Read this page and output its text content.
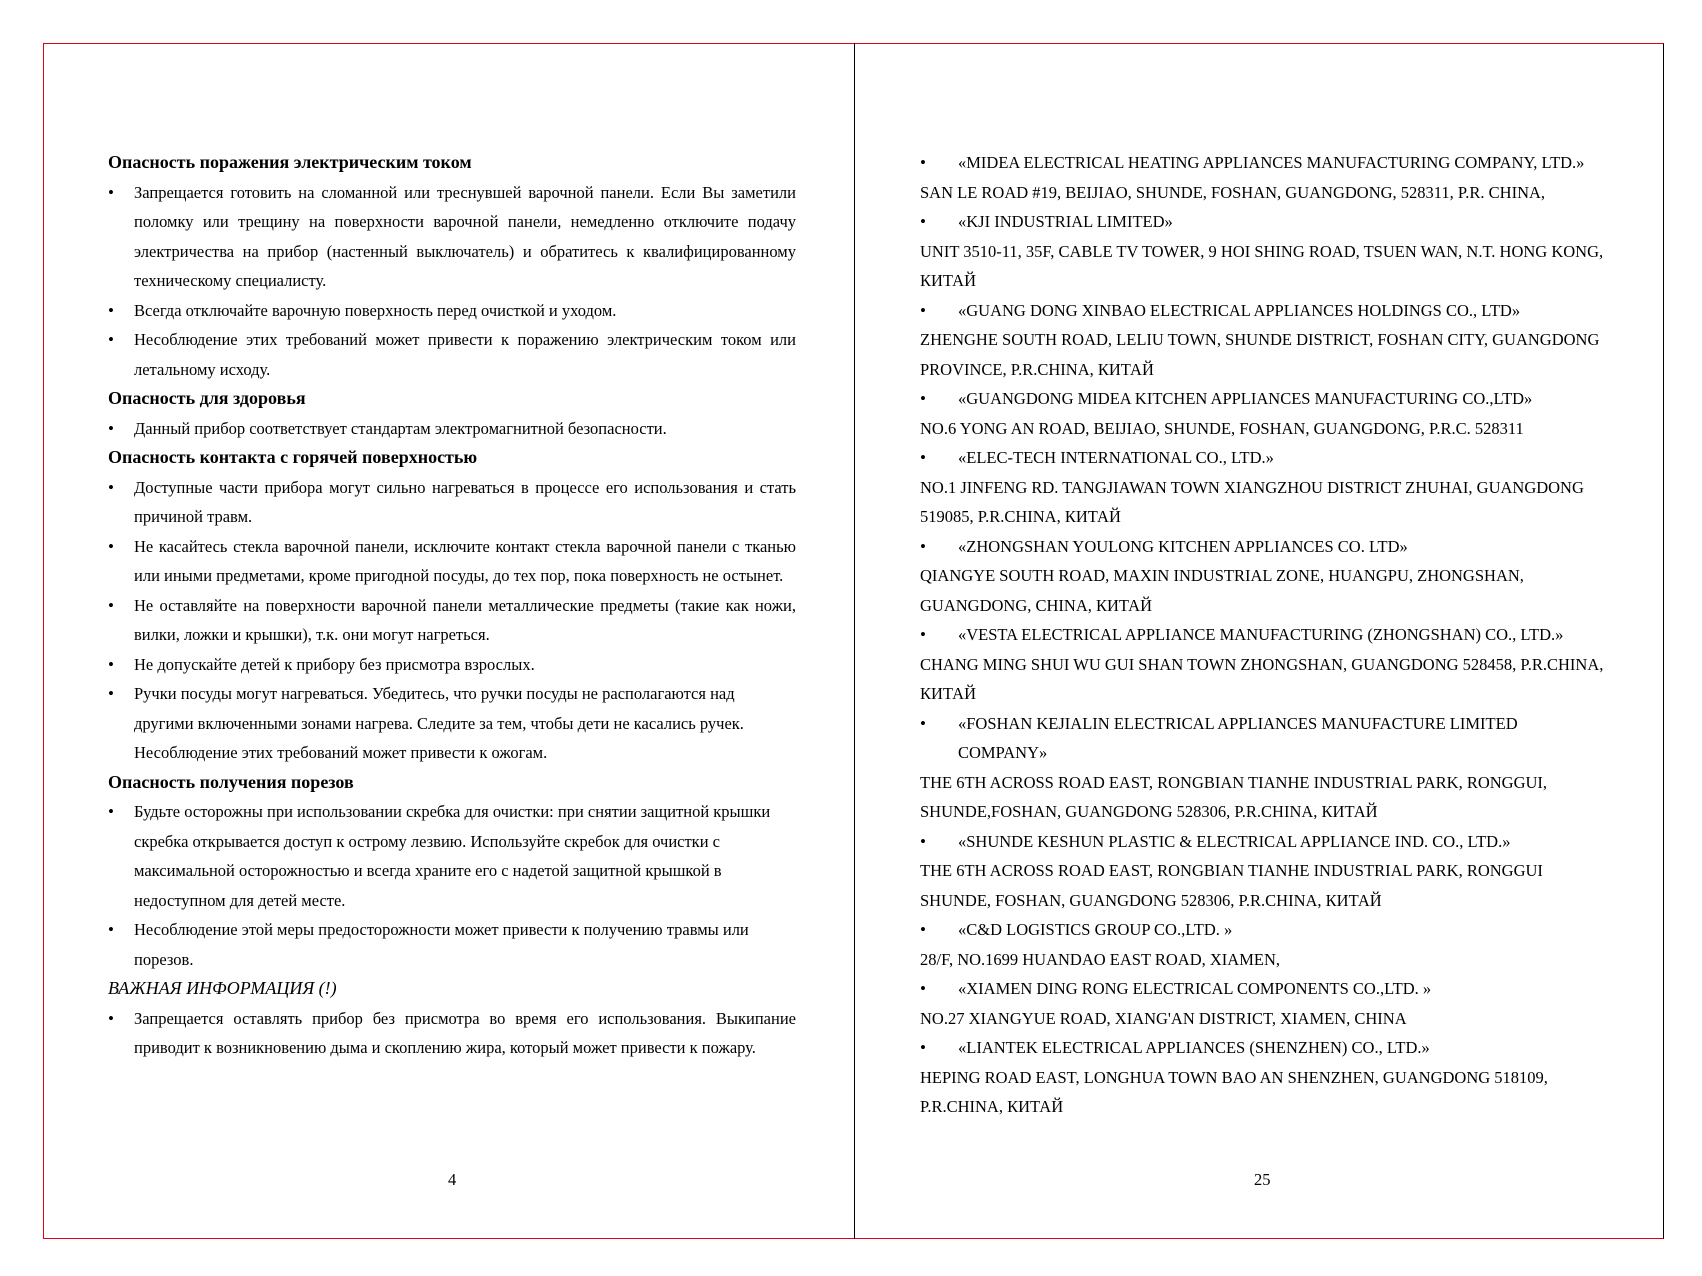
Опасность поражения электрическим током

• Запрещается готовить на сломанной или треснувшей варочной панели. Если Вы заметили поломку или трещину на поверхности варочной панели, немедленно отключите подачу электричества на прибор (настенный выключатель) и обратитесь к квалифицированному техническому специалисту.
• Всегда отключайте варочную поверхность перед очисткой и уходом.
• Несоблюдение этих требований может привести к поражению электрическим током или летальному исходу.

Опасность для здоровья

• Данный прибор соответствует стандартам электромагнитной безопасности.

Опасность контакта с горячей поверхностью

• Доступные части прибора могут сильно нагреваться в процессе его использования и стать причиной травм.
• Не касайтесь стекла варочной панели, исключите контакт стекла варочной панели с тканью или иными предметами, кроме пригодной посуды, до тех пор, пока поверхность не остынет.
• Не оставляйте на поверхности варочной панели металлические предметы (такие как ножи, вилки, ложки и крышки), т.к. они могут нагреться.
• Не допускайте детей к прибору без присмотра взрослых.
• Ручки посуды могут нагреваться. Убедитесь, что ручки посуды не располагаются над другими включенными зонами нагрева. Следите за тем, чтобы дети не касались ручек. Несоблюдение этих требований может привести к ожогам.

Опасность получения порезов

• Будьте осторожны при использовании скребка для очистки: при снятии защитной крышки скребка открывается доступ к острому лезвию. Используйте скребок для очистки с максимальной осторожностью и всегда храните его с надетой защитной крышкой в недоступном для детей месте.
• Несоблюдение этой меры предосторожности может привести к получению травмы или порезов.

ВАЖНАЯ ИНФОРМАЦИЯ (!)

• Запрещается оставлять прибор без присмотра во время его использования. Выкипание приводит к возникновению дыма и скоплению жира, который может привести к пожару.
4
• «MIDEA ELECTRICAL HEATING APPLIANCES MANUFACTURING COMPANY, LTD.»

SAN LE ROAD #19, BEIJIAO, SHUNDE, FOSHAN, GUANGDONG, 528311, P.R. CHINA,

• «KJI INDUSTRIAL LIMITED»

UNIT 3510-11, 35F, CABLE TV TOWER, 9 HOI SHING ROAD, TSUEN WAN, N.T. HONG KONG, КИТАЙ

• «GUANG DONG XINBAO ELECTRICAL APPLIANCES HOLDINGS CO., LTD»

ZHENGHE SOUTH ROAD, LELIU TOWN, SHUNDE DISTRICT, FOSHAN CITY, GUANGDONG PROVINCE, P.R.CHINA, КИТАЙ

• «GUANGDONG MIDEA KITCHEN APPLIANCES MANUFACTURING CO.,LTD»

NO.6 YONG AN ROAD, BEIJIAO, SHUNDE, FOSHAN, GUANGDONG, P.R.C. 528311

• «ELEC-TECH INTERNATIONAL CO., LTD.»

NO.1 JINFENG RD. TANGJIAWAN TOWN XIANGZHOU DISTRICT ZHUHAI, GUANGDONG 519085, P.R.CHINA, КИТАЙ

• «ZHONGSHAN YOULONG KITCHEN APPLIANCES CO. LTD»

QIANGYE SOUTH ROAD, MAXIN INDUSTRIAL ZONE, HUANGPU, ZHONGSHAN, GUANGDONG, CHINA, КИТАЙ

• «VESTA ELECTRICAL APPLIANCE MANUFACTURING (ZHONGSHAN) CO., LTD.»

CHANG MING SHUI WU GUI SHAN TOWN ZHONGSHAN, GUANGDONG 528458, P.R.CHINA, КИТАЙ

• «FOSHAN KEJIALIN ELECTRICAL APPLIANCES MANUFACTURE LIMITED COMPANY»

THE 6TH ACROSS ROAD EAST, RONGBIAN TIANHE INDUSTRIAL PARK, RONGGUI, SHUNDE,FOSHAN, GUANGDONG 528306, P.R.CHINA, КИТАЙ

• «SHUNDE KESHUN PLASTIC & ELECTRICAL APPLIANCE IND. CO., LTD.»

THE 6TH ACROSS ROAD EAST, RONGBIAN TIANHE INDUSTRIAL PARK, RONGGUI SHUNDE, FOSHAN, GUANGDONG 528306, P.R.CHINA, КИТАЙ

• «C&D LOGISTICS GROUP CO.,LTD. »

28/F, NO.1699 HUANDAO EAST ROAD, XIAMEN,

• «XIAMEN DING RONG ELECTRICAL COMPONENTS CO.,LTD. »

NO.27 XIANGYUE ROAD, XIANG'AN DISTRICT, XIAMEN, CHINA

• «LIANTEK ELECTRICAL APPLIANCES (SHENZHEN) CO., LTD.»

HEPING ROAD EAST, LONGHUA TOWN BAO AN SHENZHEN, GUANGDONG 518109, P.R.CHINA, КИТАЙ

25
